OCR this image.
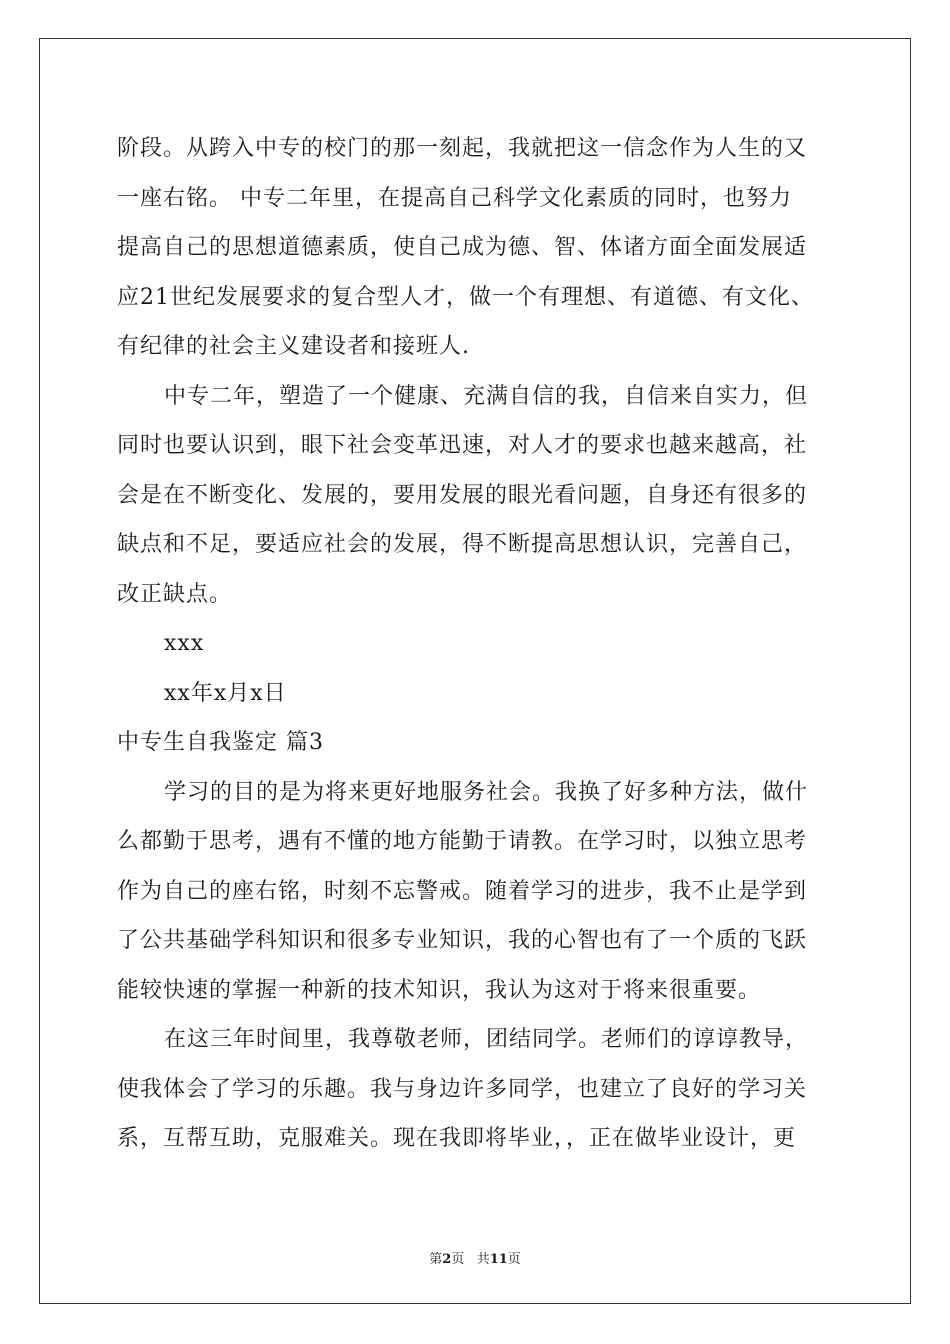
阶段。从跨入中专的校门的那一刻起，我就把这一信念作为人生的又
一座右铭。 中专二年里，在提高自己科学文化素质的同时，也努力
提高自己的思想道德素质，使自己成为德、智、体诸方面全面发展适
应21世纪发展要求的复合型人才，做一个有理想、有道德、有文化、
有纪律的社会主义建设者和接班人.
中专二年，塑造了一个健康、充满自信的我，自信来自实力，但
同时也要认识到，眼下社会变革迅速，对人才的要求也越来越高，社
会是在不断变化、发展的，要用发展的眼光看问题，自身还有很多的
缺点和不足，要适应社会的发展，得不断提高思想认识，完善自己，
改正缺点。
xxx
xx年x月x日
中专生自我鉴定 篇3
学习的目的是为将来更好地服务社会。我换了好多种方法，做什
么都勤于思考，遇有不懂的地方能勤于请教。在学习时，以独立思考
作为自己的座右铭，时刻不忘警戒。随着学习的进步，我不止是学到
了公共基础学科知识和很多专业知识，我的心智也有了一个质的飞跃
能较快速的掌握一种新的技术知识，我认为这对于将来很重要。
在这三年时间里，我尊敬老师，团结同学。老师们的谆谆教导，
使我体会了学习的乐趣。我与身边许多同学，也建立了良好的学习关
系，互帮互助，克服难关。现在我即将毕业，，正在做毕业设计，更
第2页 共11页
